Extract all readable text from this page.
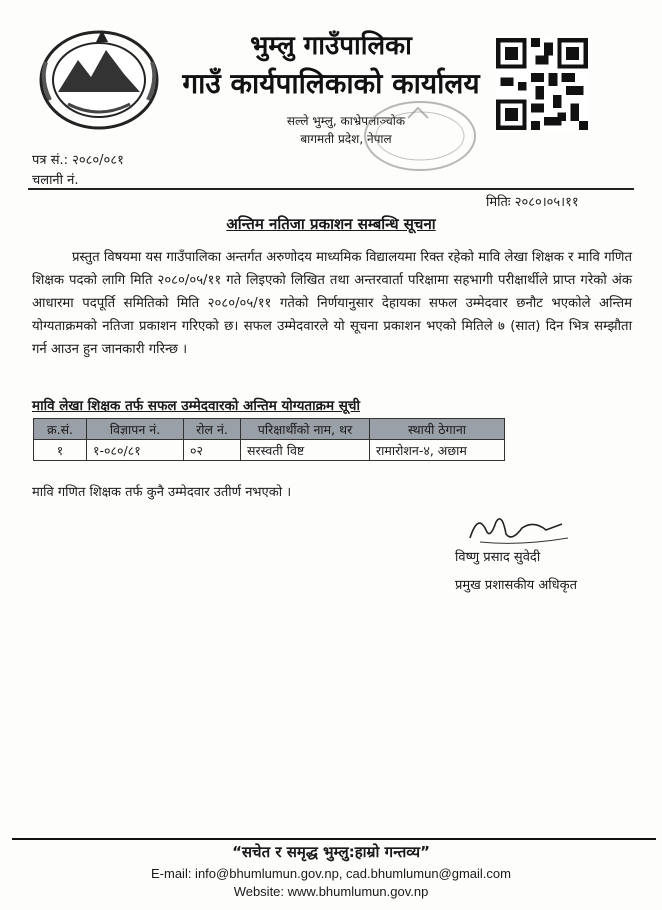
भुम्लु गाउँपालिका
गाउँ कार्यपालिकाको कार्यालय
सल्ले भुम्लु, काभ्रेपलाञ्चोक
बागमती प्रदेश, नेपाल
पत्र सं.: २०८०/०८१
चलानी नं.
मितिः २०८०।०५।११
अन्तिम नतिजा प्रकाशन सम्बन्धि सूचना
प्रस्तुत विषयमा यस गाउँपालिका अन्तर्गत अरुणोदय माध्यमिक विद्यालयमा रिक्त रहेको मावि लेखा शिक्षक र मावि गणित शिक्षक पदको लागि मिति २०८०/०५/११ गते लिइएको लिखित तथा अन्तरवार्ता परिक्षामा सहभागी परीक्षार्थीले प्राप्त गरेको अंक आधारमा पदपूर्ति समितिको मिति २०८०/०५/११ गतेको निर्णयानुसार देहायका सफल उम्मेदवार छनौट भएकोले अन्तिम योग्यताक्रमको नतिजा प्रकाशन गरिएको छ। सफल उम्मेदवारले यो सूचना प्रकाशन भएको मितिले ७ (सात) दिन भित्र सम्झौता गर्न आउन हुन जानकारी गरिन्छ ।
मावि लेखा शिक्षक तर्फ सफल उम्मेदवारको अन्तिम योग्यताक्रम सूची
क्र.सं.	विज्ञापन नं.	रोल नं.	परिक्षार्थीको नाम, थर	स्थायी ठेगाना
१	१-०८०/८१	०२	सरस्वती विष्ट	रामारोशन-४, अछाम
मावि गणित शिक्षक तर्फ कुनै उम्मेदवार उतीर्ण नभएको ।
विष्णु प्रसाद सुवेदी
प्रमुख प्रशासकीय अधिकृत
“सचेत र समृद्ध भुम्लु:हाम्रो गन्तव्य”
E-mail: info@bhumlumun.gov.np, cad.bhumlumun@gmail.com
Website: www.bhumlumun.gov.np
